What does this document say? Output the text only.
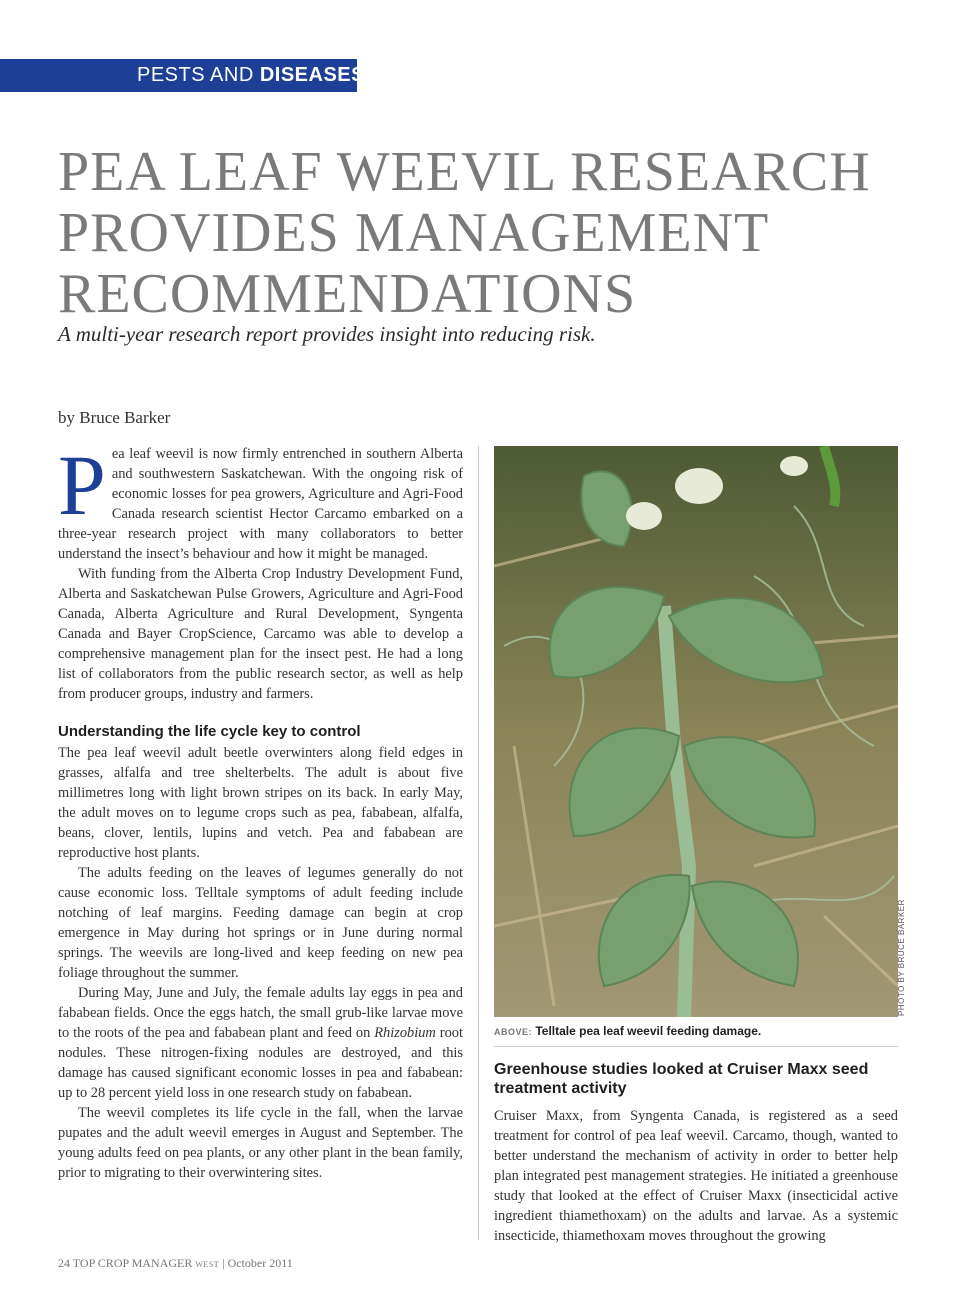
PESTS AND DISEASES
PEA LEAF WEEVIL RESEARCH
PROVIDES MANAGEMENT
RECOMMENDATIONS

A multi-year research report provides insight into reducing risk.

by Bruce Barker

Pea leaf weevil is now firmly entrenched in southern Alberta and southwestern Saskatchewan. With the ongoing risk of economic losses for pea growers, Agriculture and Agri-Food Canada research scientist Hector Carcamo embarked on a three-year research project with many collaborators to better understand the insect’s behaviour and how it might be managed.

With funding from the Alberta Crop Industry Development Fund, Alberta and Saskatchewan Pulse Growers, Agriculture and Agri-Food Canada, Alberta Agriculture and Rural Development, Syngenta Canada and Bayer CropScience, Carcamo was able to develop a comprehensive management plan for the insect pest. He had a long list of collaborators from the public research sector, as well as help from producer groups, industry and farmers.

Understanding the life cycle key to control

The pea leaf weevil adult beetle overwinters along field edges in grasses, alfalfa and tree shelterbelts. The adult is about five millimetres long with light brown stripes on its back. In early May, the adult moves on to legume crops such as pea, fababean, alfalfa, beans, clover, lentils, lupins and vetch. Pea and fababean are reproductive host plants.

The adults feeding on the leaves of legumes generally do not cause economic loss. Telltale symptoms of adult feeding include notching of leaf margins. Feeding damage can begin at crop emergence in May during hot springs or in June during normal springs. The weevils are long-lived and keep feeding on new pea foliage throughout the summer.

During May, June and July, the female adults lay eggs in pea and fababean fields. Once the eggs hatch, the small grub-like larvae move to the roots of the pea and fababean plant and feed on Rhizobium root nodules. These nitrogen-fixing nodules are destroyed, and this damage has caused significant economic losses in pea and fababean: up to 28 percent yield loss in one research study on fababean.

The weevil completes its life cycle in the fall, when the larvae pupates and the adult weevil emerges in August and September. The young adults feed on pea plants, or any other plant in the bean family, prior to migrating to their overwintering sites.

PHOTO BY BRUCE BARKER
ABOVE: Telltale pea leaf weevil feeding damage.
Greenhouse studies looked at Cruiser Maxx seed treatment activity

Cruiser Maxx, from Syngenta Canada, is registered as a seed treatment for control of pea leaf weevil. Carcamo, though, wanted to better understand the mechanism of activity in order to better help plan integrated pest management strategies. He initiated a greenhouse study that looked at the effect of Cruiser Maxx (insecticidal active ingredient thiamethoxam) on the adults and larvae. As a systemic insecticide, thiamethoxam moves throughout the growing

24 TOP CROP MANAGER WEST | October 2011
